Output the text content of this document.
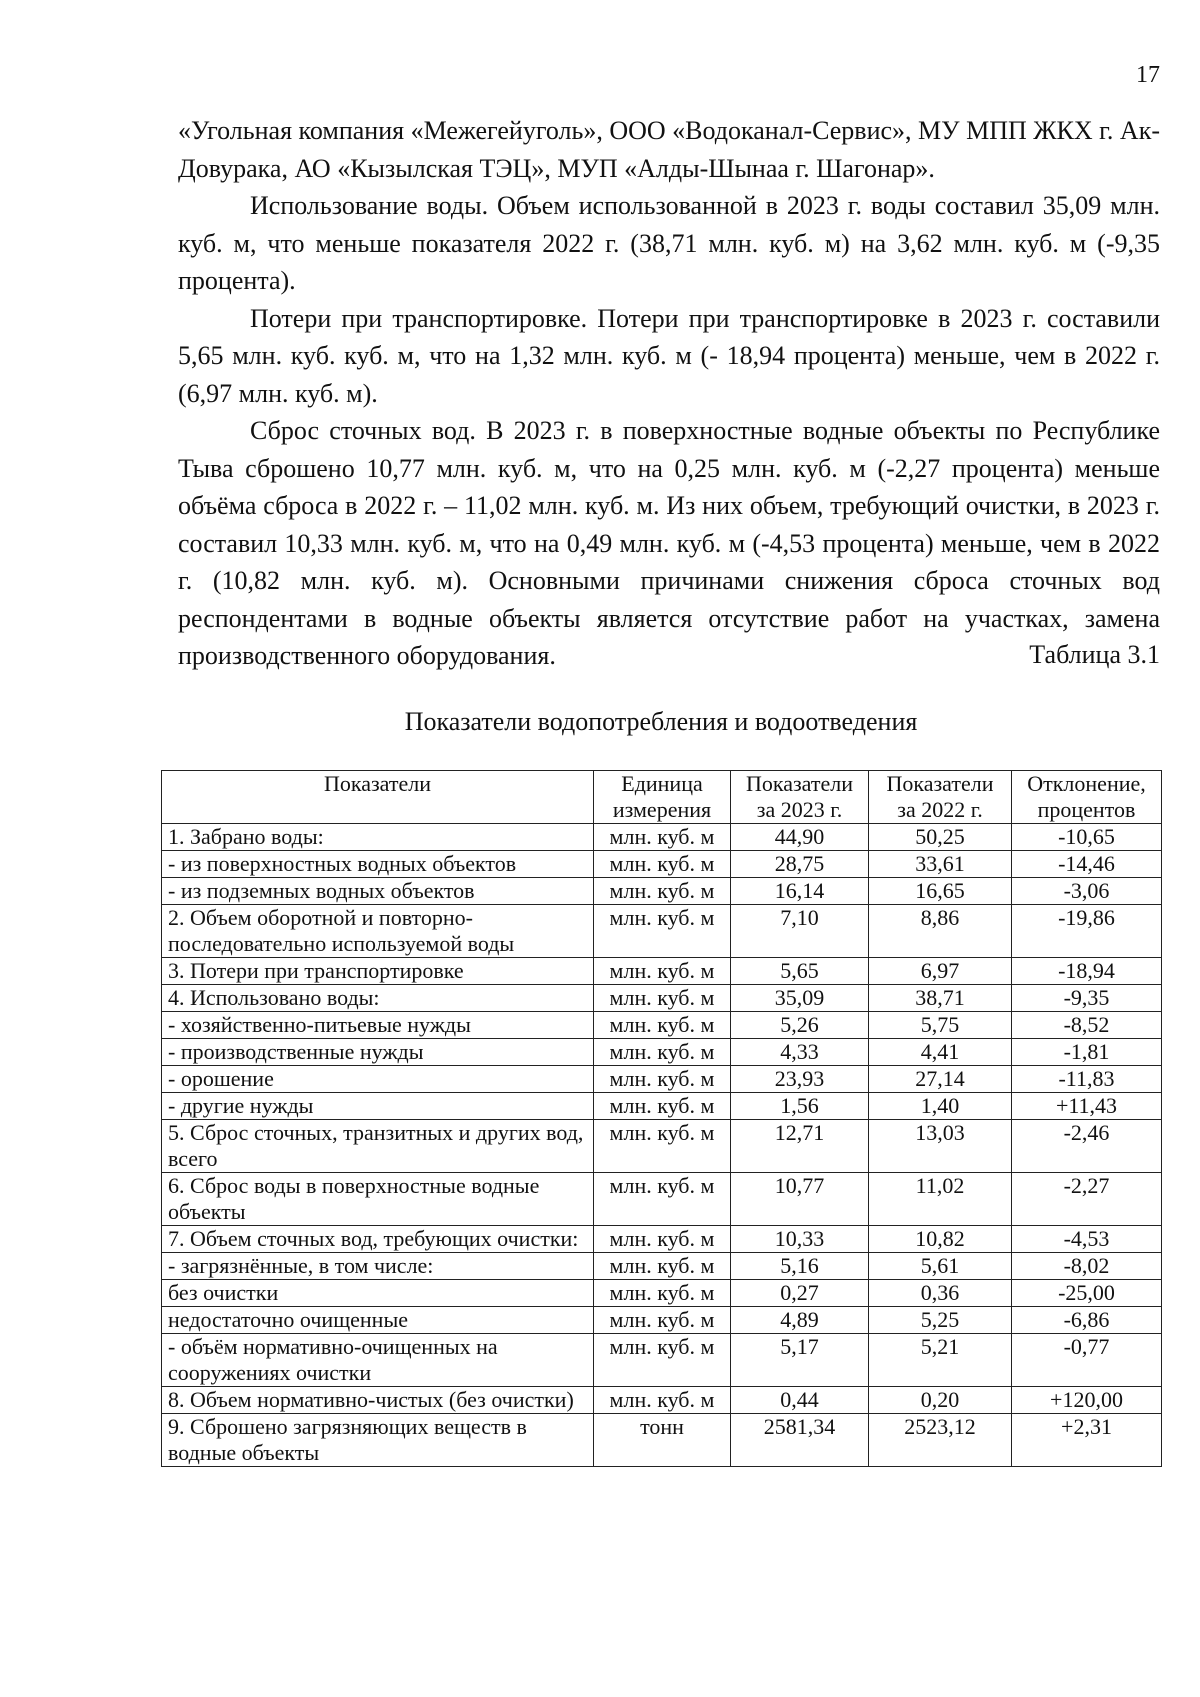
17

«Угольная компания «Межегейуголь», ООО «Водоканал-Сервис», МУ МПП ЖКХ г. Ак-Довурака, АО «Кызылская ТЭЦ», МУП «Алды-Шынаа г. Шагонар».

Использование воды. Объем использованной в 2023 г. воды составил 35,09 млн. куб. м, что меньше показателя 2022 г. (38,71 млн. куб. м) на 3,62 млн. куб. м (-9,35 процента).

Потери при транспортировке. Потери при транспортировке в 2023 г. составили 5,65 млн. куб. куб. м, что на 1,32 млн. куб. м (- 18,94 процента) меньше, чем в 2022 г. (6,97 млн. куб. м).

Сброс сточных вод. В 2023 г. в поверхностные водные объекты по Республике Тыва сброшено 10,77 млн. куб. м, что на 0,25 млн. куб. м (-2,27 процента) меньше объёма сброса в 2022 г. – 11,02 млн. куб. м. Из них объем, требующий очистки, в 2023 г. составил 10,33 млн. куб. м, что на 0,49 млн. куб. м (-4,53 процента) меньше, чем в 2022 г. (10,82 млн. куб. м). Основными причинами снижения сброса сточных вод респондентами в водные объекты является отсутствие работ на участках, замена производственного оборудования.	Таблица 3.1
Показатели водопотребления и водоотведения
Показатели	Единица измерения	Показатели за 2023 г.	Показатели за 2022 г.	Отклонение, процентов
1. Забрано воды:	млн. куб. м	44,90	50,25	-10,65
- из поверхностных водных объектов	млн. куб. м	28,75	33,61	-14,46
- из подземных водных объектов	млн. куб. м	16,14	16,65	-3,06
2. Объем оборотной и повторно-последовательно используемой воды	млн. куб. м	7,10	8,86	-19,86
3. Потери при транспортировке	млн. куб. м	5,65	6,97	-18,94
4. Использовано воды:	млн. куб. м	35,09	38,71	-9,35
- хозяйственно-питьевые нужды	млн. куб. м	5,26	5,75	-8,52
- производственные нужды	млн. куб. м	4,33	4,41	-1,81
- орошение	млн. куб. м	23,93	27,14	-11,83
- другие нужды	млн. куб. м	1,56	1,40	+11,43
5. Сброс сточных, транзитных и других вод, всего	млн. куб. м	12,71	13,03	-2,46
6. Сброс воды в поверхностные водные объекты	млн. куб. м	10,77	11,02	-2,27
7. Объем сточных вод, требующих очистки:	млн. куб. м	10,33	10,82	-4,53
- загрязнённые, в том числе:	млн. куб. м	5,16	5,61	-8,02
без очистки	млн. куб. м	0,27	0,36	-25,00
недостаточно очищенные	млн. куб. м	4,89	5,25	-6,86
- объём нормативно-очищенных на сооружениях очистки	млн. куб. м	5,17	5,21	-0,77
8. Объем нормативно-чистых (без очистки)	млн. куб. м	0,44	0,20	+120,00
9. Сброшено загрязняющих веществ в водные объекты	тонн	2581,34	2523,12	+2,31
